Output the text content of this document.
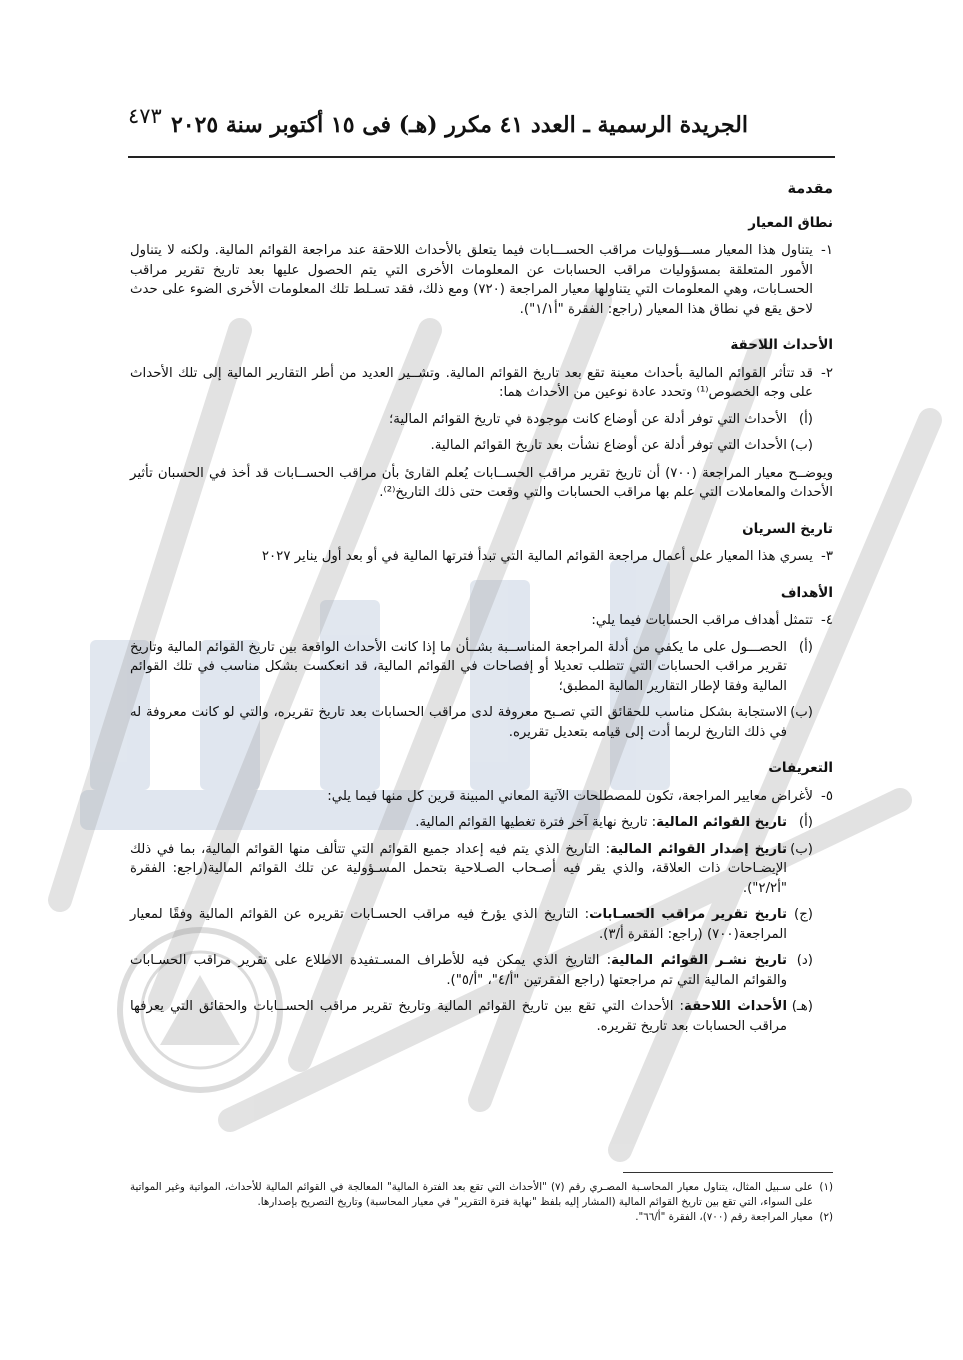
الجريدة الرسمية ـ العدد ٤١ مكرر (هـ) فى ١٥ أكتوبر سنة ٢٠٢٥
٤٧٣
مقدمة
نطاق المعيار
١-

يتناول هذا المعيار مســـؤوليات مراقب الحســـابات فيما يتعلق بالأحداث اللاحقة عند مراجعة القوائم المالية. ولكنه لا يتناول الأمور المتعلقة بمسؤوليات مراقب الحسابات عن المعلومات الأخرى التي يتم الحصول عليها بعد تاريخ تقرير مراقب الحسـابات، وهي المعلومات التي يتناولها معيار المراجعة (٧٢٠) ومع ذلك، فقد تسـلط تلك المعلومات الأخرى الضوء على حدث لاحق يقع في نطاق هذا المعيار (راجع: الفقرة "أ١/١").

الأحداث اللاحقة
٢-

قد تتأثر القوائم المالية بأحداث معينة تقع بعد تاريخ القوائم المالية. وتشــير العديد من أطر التقارير المالية إلى تلك الأحداث على وجه الخصوص⁽¹⁾ وتحدد عادة نوعين من الأحداث هما:

(أ)

الأحداث التي توفر أدلة عن أوضاع كانت موجودة في تاريخ القوائم المالية؛

(ب)

الأحداث التي توفر أدلة عن أوضاع نشأت بعد تاريخ القوائم المالية.

ويوضــح معيار المراجعة (٧٠٠) أن تاريخ تقرير مراقب الحســابات يُعلم القارئ بأن مراقب الحســابات قد أخذ في الحسبان تأثير الأحداث والمعاملات التي علم بها مراقب الحسابات والتي وقعت حتى ذلك التاريخ⁽²⁾.

تاريخ السريان
٣-

يسري هذا المعيار على أعمال مراجعة القوائم المالية التي تبدأ فترتها المالية في أو بعد أول يناير ٢٠٢٧

الأهداف
٤-

تتمثل أهداف مراقب الحسابات فيما يلي:

(أ)

الحصـــول على ما يكفي من أدلة المراجعة المناســبة بشــأن ما إذا كانت الأحداث الواقعة بين تاريخ القوائم المالية وتاريخ تقرير مراقب الحسابات التي تتطلب تعديلا أو إفصاحات في القوائم المالية، قد انعكست بشكل مناسب في تلك القوائم المالية وفقا لإطار التقارير المالية المطبق؛

(ب)

الاستجابة بشكل مناسب للحقائق التي تصـبح معروفة لدى مراقب الحسابات بعد تاريخ تقريره، والتي لو كانت معروفة له في ذلك التاريخ لربما أدت إلى قيامه بتعديل تقريره.

التعريفات
٥-

لأغراض معايير المراجعة، تكون للمصطلحات الآتية المعاني المبينة قرين كل منها فيما يلي:

(أ)

تاريخ القوائم المالية: تاريخ نهاية آخر فترة تغطيها القوائم المالية.

(ب)

تاريخ إصدار القوائم المالية: التاريخ الذي يتم فيه إعداد جميع القوائم التي تتألف منها القوائم المالية، بما في ذلك الإيضـاحات ذات العلاقة، والذي يقر فيه أصـحاب الصـلاحية بتحمل المسـؤولية عن تلك القوائم المالية(راجع: الفقرة "أ٢/٢").

(ج)

تاريخ تقرير مراقب الحسـابات: التاريخ الذي يؤرخ فيه مراقب الحسـابات تقريره عن القوائم المالية وفقًا لمعيار المراجعة(٧٠٠) (راجع: الفقرة أ/٣).

(د)

تاريخ نشـر القوائم المالية: التاريخ الذي يمكن فيه للأطراف المسـتفيدة الاطلاع على تقرير مراقب الحسـابات والقوائم المالية التي تم مراجعتها (راجع الفقرتين "أ/٤"، "أ/٥").

(هـ)

الأحداث اللاحقة: الأحداث التي تقع بين تاريخ القوائم المالية وتاريخ تقرير مراقب الحســابات والحقائق التي يعرفها مراقب الحسابات بعد تاريخ تقريره.

(١)

على سـبيل المثال، يتناول معيار المحاسـبة المصـري رقم (٧) "الأحداث التي تقع بعد الفترة المالية" المعالجة في القوائم المالية للأحداث، المواتية وغير المواتية على السواء، التي تقع بين تاريخ القوائم المالية (المشار إليه بلفظ "نهاية فترة التقرير" في معيار المحاسبة) وتاريخ التصريح بإصدارها.

(٢)

معيار المراجعة رقم (٧٠٠)، الفقرة "أ/٦٦".
